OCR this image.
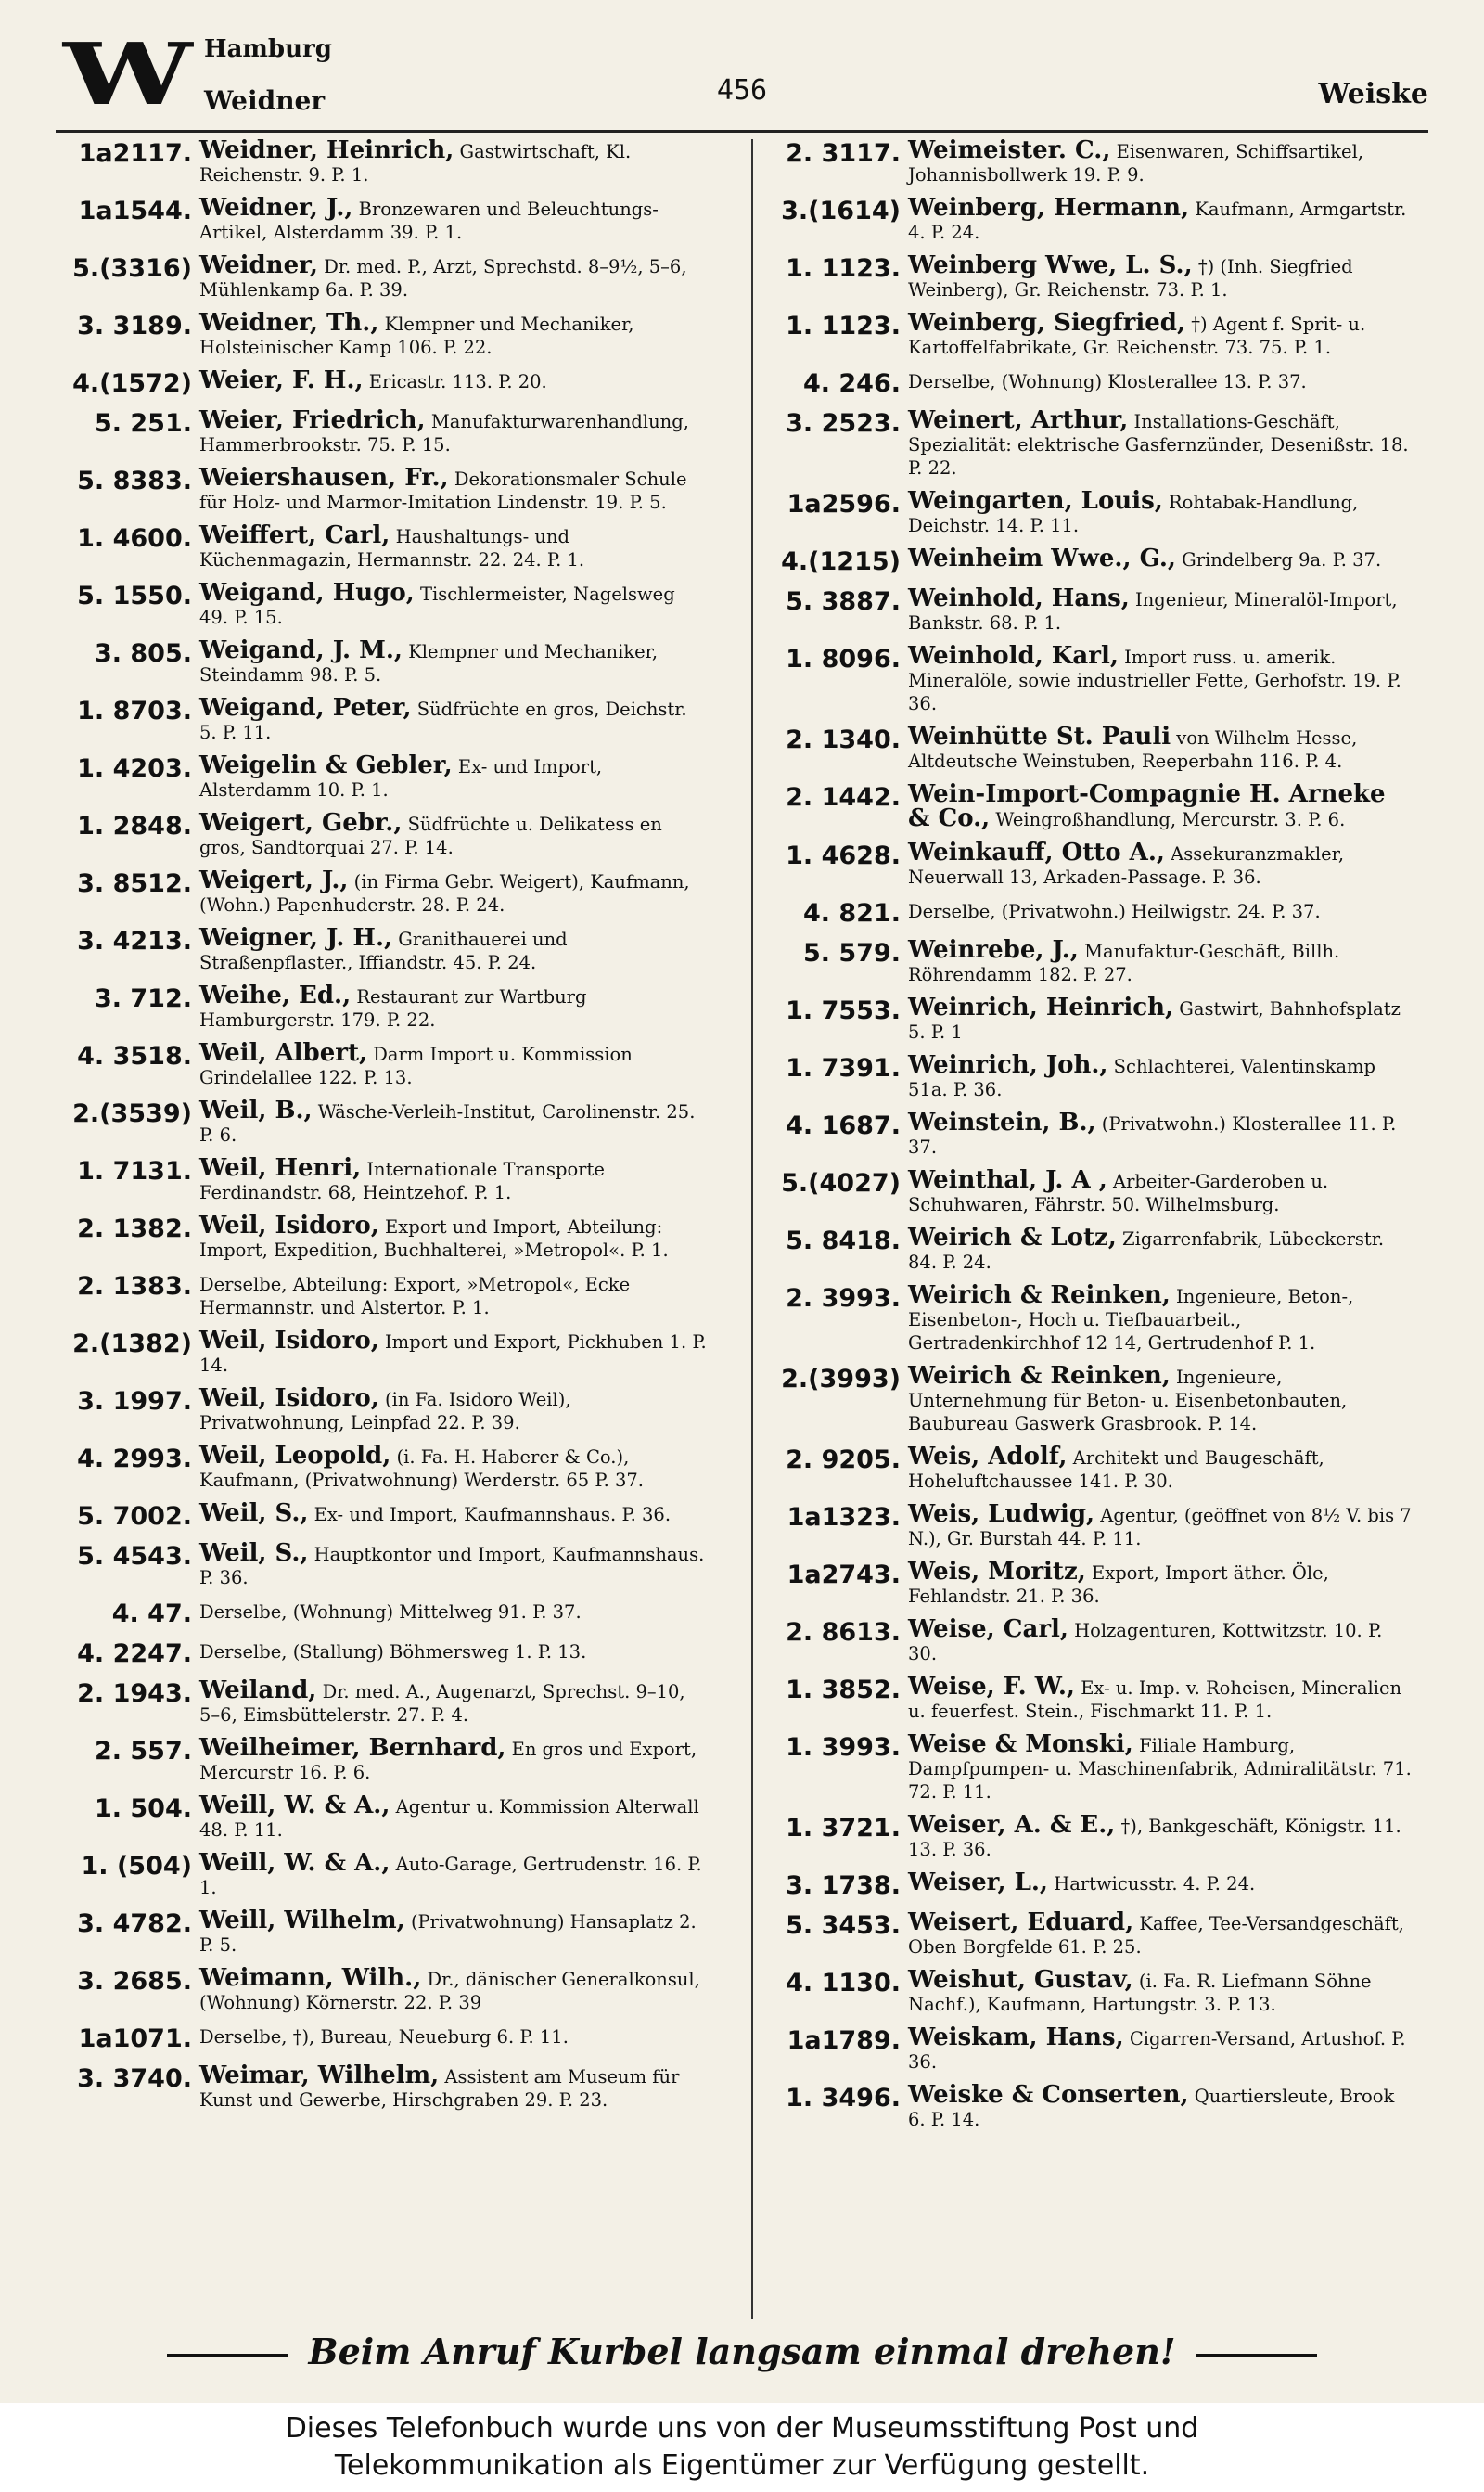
W Hamburg
Weidner	456	Weiske
1a2117. Weidner, Heinrich, Gastwirtschaft, Kl. Reichenstr. 9. P. 1.
1a1544. Weidner, J., Bronzewaren und Beleuchtungs-Artikel, Alsterdamm 39. P. 1.
5.(3316) Weidner, Dr. med. P., Arzt, Sprechstd. 8–9½, 5–6, Mühlenkamp 6a. P. 39.
3. 3189. Weidner, Th., Klempner und Mechaniker, Holsteinischer Kamp 106. P. 22.
4.(1572) Weier, F. H., Ericastr. 113. P. 20.
5. 251. Weier, Friedrich, Manufakturwarenhandlung, Hammerbrookstr. 75. P. 15.
5. 8383. Weiershausen, Fr., Dekorationsmaler Schule für Holz- und Marmor-Imitation Lindenstr. 19. P. 5.
1. 4600. Weiffert, Carl, Haushaltungs- und Küchenmagazin, Hermannstr. 22. 24. P. 1.
5. 1550. Weigand, Hugo, Tischlermeister, Nagelsweg 49. P. 15.
3. 805. Weigand, J. M., Klempner und Mechaniker, Steindamm 98. P. 5.
1. 8703. Weigand, Peter, Südfrüchte en gros, Deichstr. 5. P. 11.
1. 4203. Weigelin & Gebler, Ex- und Import, Alsterdamm 10. P. 1.
1. 2848. Weigert, Gebr., Südfrüchte u. Delikatess en gros, Sandtorquai 27. P. 14.
3. 8512. Weigert, J., (in Firma Gebr. Weigert), Kaufmann, (Wohn.) Papenhuderstr. 28. P. 24.
3. 4213. Weigner, J. H., Granithauerei und Straßenpflaster., Iffiandstr. 45. P. 24.
3. 712. Weihe, Ed., Restaurant zur Wartburg Hamburgerstr. 179. P. 22.
4. 3518. Weil, Albert, Darm Import u. Kommission Grindelallee 122. P. 13.
2.(3539) Weil, B., Wäsche-Verleih-Institut, Carolinenstr. 25. P. 6.
1. 7131. Weil, Henri, Internationale Transporte Ferdinandstr. 68, Heintzehof. P. 1.
2. 1382. Weil, Isidoro, Export und Import, Abteilung: Import, Expedition, Buchhalterei, »Metropol«. P. 1.
2. 1383. Derselbe, Abteilung: Export, »Metropol«, Ecke Hermannstr. und Alstertor. P. 1.
2.(1382) Weil, Isidoro, Import und Export, Pickhuben 1. P. 14.
3. 1997. Weil, Isidoro, (in Fa. Isidoro Weil), Privatwohnung, Leinpfad 22. P. 39.
4. 2993. Weil, Leopold, (i. Fa. H. Haberer & Co.), Kaufmann, (Privatwohnung) Werderstr. 65 P. 37.
5. 7002. Weil, S., Ex- und Import, Kaufmannshaus. P. 36.
5. 4543. Weil, S., Hauptkontor und Import, Kaufmannshaus. P. 36.
4. 47. Derselbe, (Wohnung) Mittelweg 91. P. 37.
4. 2247. Derselbe, (Stallung) Böhmersweg 1. P. 13.
2. 1943. Weiland, Dr. med. A., Augenarzt, Sprechst. 9–10, 5–6, Eimsbüttelerstr. 27. P. 4.
2. 557. Weilheimer, Bernhard, En gros und Export, Mercurstr 16. P. 6.
1. 504. Weill, W. & A., Agentur u. Kommission Alterwall 48. P. 11.
1. (504) Weill, W. & A., Auto-Garage, Gertrudenstr. 16. P. 1.
3. 4782. Weill, Wilhelm, (Privatwohnung) Hansaplatz 2. P. 5.
3. 2685. Weimann, Wilh., Dr., dänischer Generalkonsul, (Wohnung) Körnerstr. 22. P. 39
1a1071. Derselbe, †), Bureau, Neueburg 6. P. 11.
3. 3740. Weimar, Wilhelm, Assistent am Museum für Kunst und Gewerbe, Hirschgraben 29. P. 23.
2. 3117. Weimeister. C., Eisenwaren, Schiffsartikel, Johannisbollwerk 19. P. 9.
3.(1614) Weinberg, Hermann, Kaufmann, Armgartstr. 4. P. 24.
1. 1123. Weinberg Wwe, L. S., †) (Inh. Siegfried Weinberg), Gr. Reichenstr. 73. P. 1.
1. 1123. Weinberg, Siegfried, †) Agent f. Sprit- u. Kartoffelfabrikate, Gr. Reichenstr. 73. 75. P. 1.
4. 246. Derselbe, (Wohnung) Klosterallee 13. P. 37.
3. 2523. Weinert, Arthur, Installations-Geschäft, Spezialität: elektrische Gasfernzünder, Desenißstr. 18. P. 22.
1a2596. Weingarten, Louis, Rohtabak-Handlung, Deichstr. 14. P. 11.
4.(1215) Weinheim Wwe., G., Grindelberg 9a. P. 37.
5. 3887. Weinhold, Hans, Ingenieur, Mineralöl-Import, Bankstr. 68. P. 1.
1. 8096. Weinhold, Karl, Import russ. u. amerik. Mineralöle, sowie industrieller Fette, Gerhofstr. 19. P. 36.
2. 1340. Weinhütte St. Pauli von Wilhelm Hesse, Altdeutsche Weinstuben, Reeperbahn 116. P. 4.
2. 1442. Wein-Import-Compagnie H. Arneke & Co., Weingroßhandlung, Mercurstr. 3. P. 6.
1. 4628. Weinkauff, Otto A., Assekuranzmakler, Neuerwall 13, Arkaden-Passage. P. 36.
4. 821. Derselbe, (Privatwohn.) Heilwigstr. 24. P. 37.
5. 579. Weinrebe, J., Manufaktur-Geschäft, Billh. Röhrendamm 182. P. 27.
1. 7553. Weinrich, Heinrich, Gastwirt, Bahnhofsplatz 5. P. 1
1. 7391. Weinrich, Joh., Schlachterei, Valentinskamp 51a. P. 36.
4. 1687. Weinstein, B., (Privatwohn.) Klosterallee 11. P. 37.
5.(4027) Weinthal, J. A , Arbeiter-Garderoben u. Schuhwaren, Fährstr. 50. Wilhelmsburg.
5. 8418. Weirich & Lotz, Zigarrenfabrik, Lübeckerstr. 84. P. 24.
2. 3993. Weirich & Reinken, Ingenieure, Beton-, Eisenbeton-, Hoch u. Tiefbauarbeit., Gertradenkirchhof 12 14, Gertrudenhof P. 1.
2.(3993) Weirich & Reinken, Ingenieure, Unternehmung für Beton- u. Eisenbetonbauten, Baubureau Gaswerk Grasbrook. P. 14.
2. 9205. Weis, Adolf, Architekt und Baugeschäft, Hoheluftchaussee 141. P. 30.
1a1323. Weis, Ludwig, Agentur, (geöffnet von 8½ V. bis 7 N.), Gr. Burstah 44. P. 11.
1a2743. Weis, Moritz, Export, Import äther. Öle, Fehlandstr. 21. P. 36.
2. 8613. Weise, Carl, Holzagenturen, Kottwitzstr. 10. P. 30.
1. 3852. Weise, F. W., Ex- u. Imp. v. Roheisen, Mineralien u. feuerfest. Stein., Fischmarkt 11. P. 1.
1. 3993. Weise & Monski, Filiale Hamburg, Dampfpumpen- u. Maschinenfabrik, Admiralitätstr. 71. 72. P. 11.
1. 3721. Weiser, A. & E., †), Bankgeschäft, Königstr. 11. 13. P. 36.
3. 1738. Weiser, L., Hartwicusstr. 4. P. 24.
5. 3453. Weisert, Eduard, Kaffee, Tee-Versandgeschäft, Oben Borgfelde 61. P. 25.
4. 1130. Weishut, Gustav, (i. Fa. R. Liefmann Söhne Nachf.), Kaufmann, Hartungstr. 3. P. 13.
1a1789. Weiskam, Hans, Cigarren-Versand, Artushof. P. 36.
1. 3496. Weiske & Conserten, Quartiersleute, Brook 6. P. 14.
Beim Anruf Kurbel langsam einmal drehen!
Dieses Telefonbuch wurde uns von der Museumsstiftung Post und
Telekommunikation als Eigentümer zur Verfügung gestellt.
